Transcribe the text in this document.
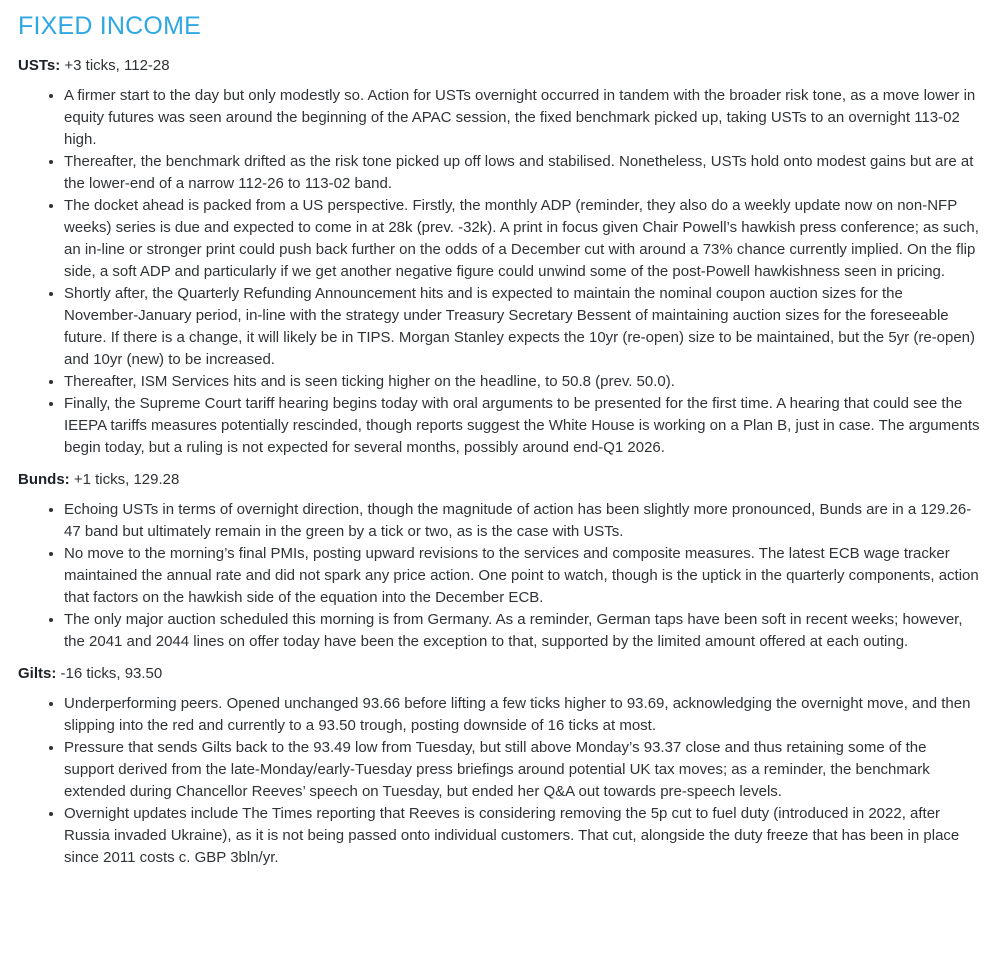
FIXED INCOME

USTs: +3 ticks, 112-28

• A firmer start to the day but only modestly so. Action for USTs overnight occurred in tandem with the broader risk tone, as a move lower in equity futures was seen around the beginning of the APAC session, the fixed benchmark picked up, taking USTs to an overnight 113-02 high.
• Thereafter, the benchmark drifted as the risk tone picked up off lows and stabilised. Nonetheless, USTs hold onto modest gains but are at the lower-end of a narrow 112-26 to 113-02 band.
• The docket ahead is packed from a US perspective. Firstly, the monthly ADP (reminder, they also do a weekly update now on non-NFP weeks) series is due and expected to come in at 28k (prev. -32k). A print in focus given Chair Powell’s hawkish press conference; as such, an in-line or stronger print could push back further on the odds of a December cut with around a 73% chance currently implied. On the flip side, a soft ADP and particularly if we get another negative figure could unwind some of the post-Powell hawkishness seen in pricing.
• Shortly after, the Quarterly Refunding Announcement hits and is expected to maintain the nominal coupon auction sizes for the November-January period, in-line with the strategy under Treasury Secretary Bessent of maintaining auction sizes for the foreseeable future. If there is a change, it will likely be in TIPS. Morgan Stanley expects the 10yr (re-open) size to be maintained, but the 5yr (re-open) and 10yr (new) to be increased.
• Thereafter, ISM Services hits and is seen ticking higher on the headline, to 50.8 (prev. 50.0).
• Finally, the Supreme Court tariff hearing begins today with oral arguments to be presented for the first time. A hearing that could see the IEEPA tariffs measures potentially rescinded, though reports suggest the White House is working on a Plan B, just in case. The arguments begin today, but a ruling is not expected for several months, possibly around end-Q1 2026.

Bunds: +1 ticks, 129.28

• Echoing USTs in terms of overnight direction, though the magnitude of action has been slightly more pronounced, Bunds are in a 129.26-47 band but ultimately remain in the green by a tick or two, as is the case with USTs.
• No move to the morning’s final PMIs, posting upward revisions to the services and composite measures. The latest ECB wage tracker maintained the annual rate and did not spark any price action. One point to watch, though is the uptick in the quarterly components, action that factors on the hawkish side of the equation into the December ECB.
• The only major auction scheduled this morning is from Germany. As a reminder, German taps have been soft in recent weeks; however, the 2041 and 2044 lines on offer today have been the exception to that, supported by the limited amount offered at each outing.

Gilts: -16 ticks, 93.50

• Underperforming peers. Opened unchanged 93.66 before lifting a few ticks higher to 93.69, acknowledging the overnight move, and then slipping into the red and currently to a 93.50 trough, posting downside of 16 ticks at most.
• Pressure that sends Gilts back to the 93.49 low from Tuesday, but still above Monday’s 93.37 close and thus retaining some of the support derived from the late-Monday/early-Tuesday press briefings around potential UK tax moves; as a reminder, the benchmark extended during Chancellor Reeves’ speech on Tuesday, but ended her Q&A out towards pre-speech levels.
• Overnight updates include The Times reporting that Reeves is considering removing the 5p cut to fuel duty (introduced in 2022, after Russia invaded Ukraine), as it is not being passed onto individual customers. That cut, alongside the duty freeze that has been in place since 2011 costs c. GBP 3bln/yr.
